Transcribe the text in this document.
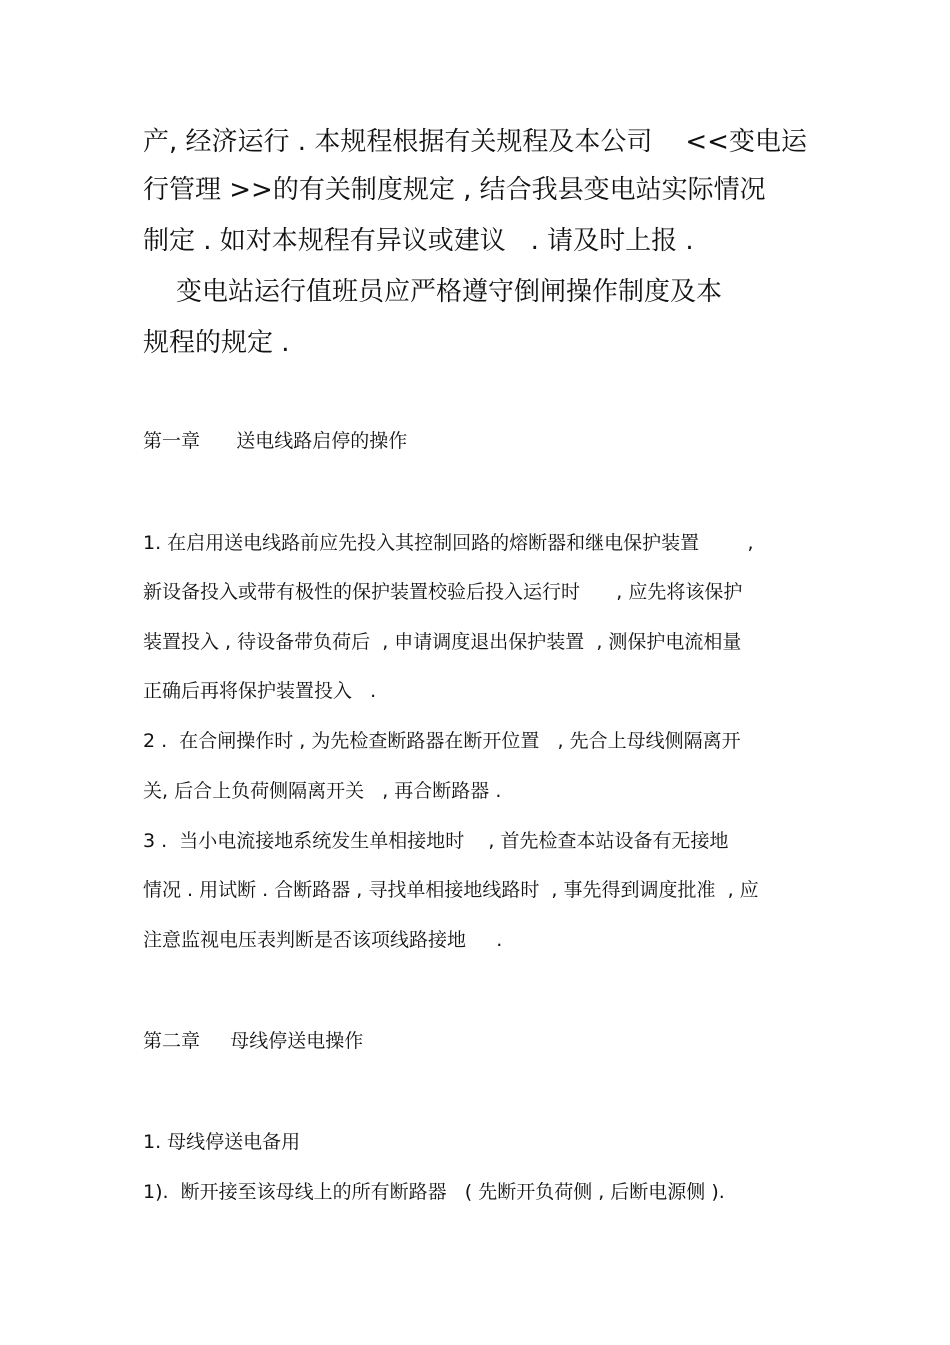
产, 经济运行 . 本规程根据有关规程及本公司    <<变电运
行管理 >>的有关制度规定 , 结合我县变电站实际情况
制定 . 如对本规程有异议或建议   . 请及时上报 .
变电站运行值班员应严格遵守倒闸操作制度及本
规程的规定 .
第一章      送电线路启停的操作
1. 在启用送电线路前应先投入其控制回路的熔断器和继电保护装置        ,
新设备投入或带有极性的保护装置校验后投入运行时      , 应先将该保护
装置投入 , 待设备带负荷后  , 申请调度退出保护装置  , 测保护电流相量
正确后再将保护装置投入   .
2 .  在合闸操作时 , 为先检查断路器在断开位置   , 先合上母线侧隔离开
关, 后合上负荷侧隔离开关   , 再合断路器 .
3 .  当小电流接地系统发生单相接地时    , 首先检查本站设备有无接地
情况 . 用试断 . 合断路器 , 寻找单相接地线路时  , 事先得到调度批准  , 应
注意监视电压表判断是否该项线路接地     .
第二章     母线停送电操作
1. 母线停送电备用
1).  断开接至该母线上的所有断路器   ( 先断开负荷侧 , 后断电源侧 ).
